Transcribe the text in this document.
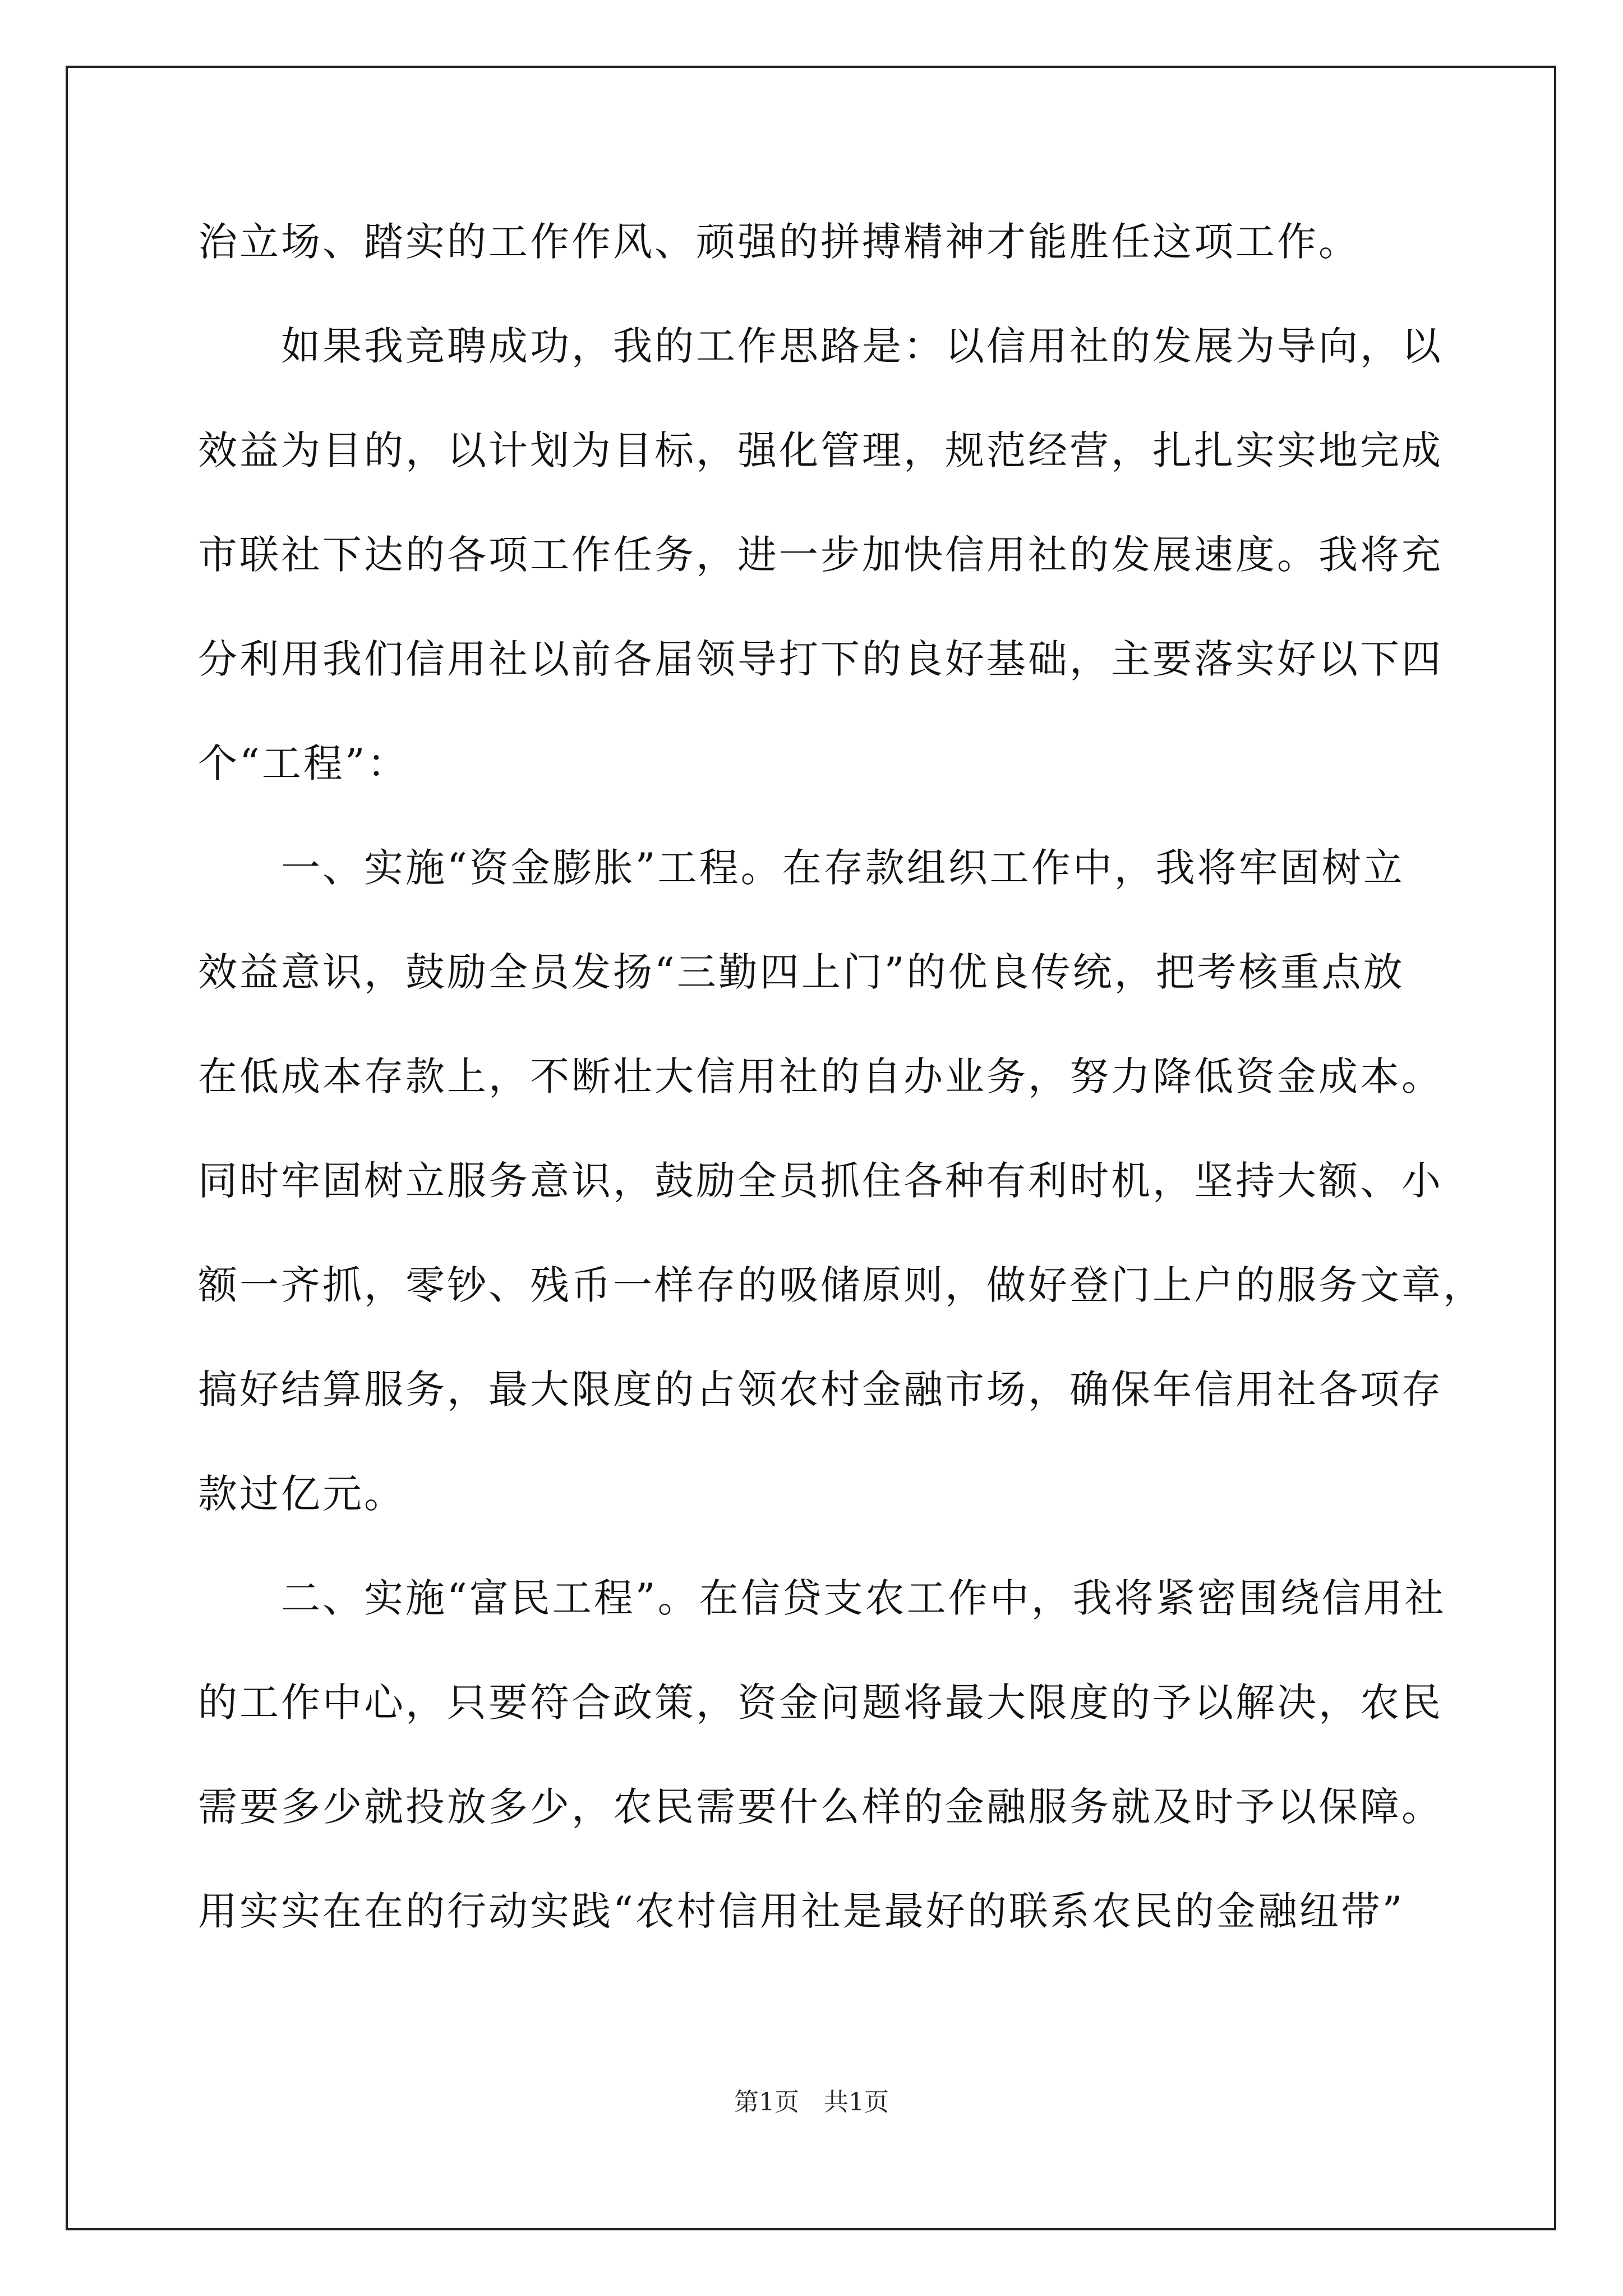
治立场、踏实的工作作风、顽强的拼搏精神才能胜任这项工作。
　　如果我竞聘成功，我的工作思路是：以信用社的发展为导向，以
效益为目的，以计划为目标，强化管理，规范经营，扎扎实实地完成
市联社下达的各项工作任务，进一步加快信用社的发展速度。我将充
分利用我们信用社以前各届领导打下的良好基础，主要落实好以下四
个“工程”：
　　一、实施“资金膨胀”工程。在存款组织工作中，我将牢固树立
效益意识，鼓励全员发扬“三勤四上门”的优良传统，把考核重点放
在低成本存款上，不断壮大信用社的自办业务，努力降低资金成本。
同时牢固树立服务意识，鼓励全员抓住各种有利时机，坚持大额、小
额一齐抓，零钞、残币一样存的吸储原则，做好登门上户的服务文章，
搞好结算服务，最大限度的占领农村金融市场，确保年信用社各项存
款过亿元。
　　二、实施“富民工程”。在信贷支农工作中，我将紧密围绕信用社
的工作中心，只要符合政策，资金问题将最大限度的予以解决，农民
需要多少就投放多少，农民需要什么样的金融服务就及时予以保障。
用实实在在的行动实践“农村信用社是最好的联系农民的金融纽带”
第1页　共1页
